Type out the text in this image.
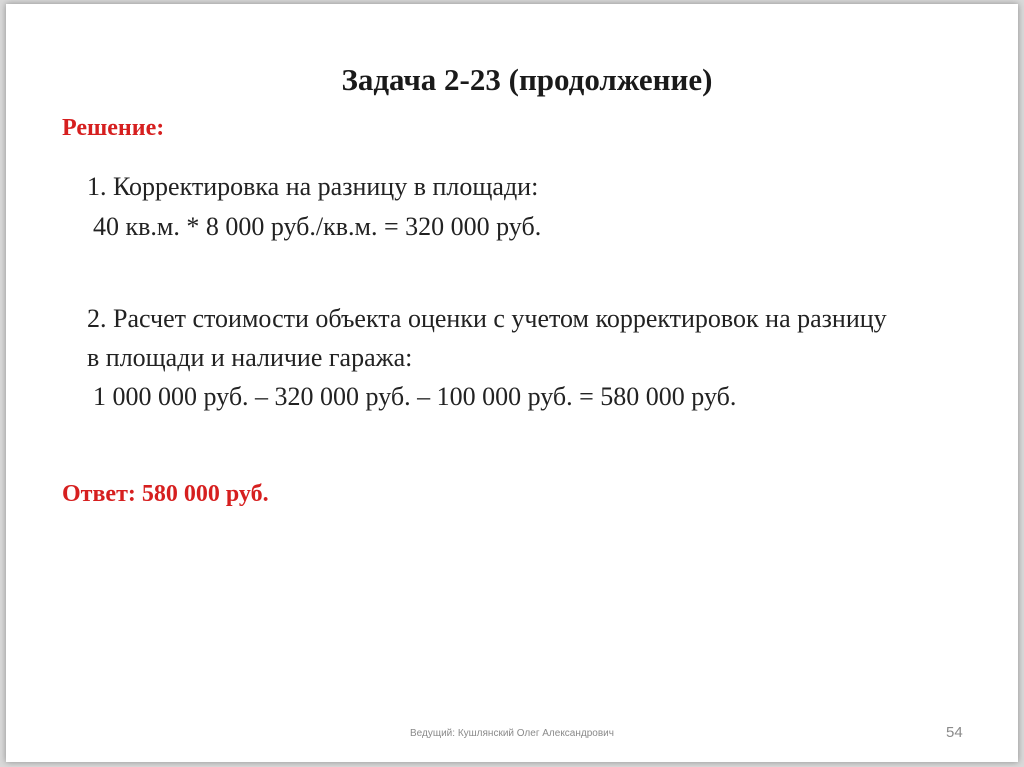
Задача 2-23 (продолжение)
Решение:
1. Корректировка на разницу в площади:
40 кв.м. * 8 000 руб./кв.м. = 320 000 руб.
2. Расчет стоимости объекта оценки с учетом корректировок на разницу
в площади и наличие гаража:
1 000 000 руб. – 320 000 руб. – 100 000 руб. = 580 000 руб.
Ответ: 580 000 руб.
Ведущий: Кушлянский Олег Александрович	54
